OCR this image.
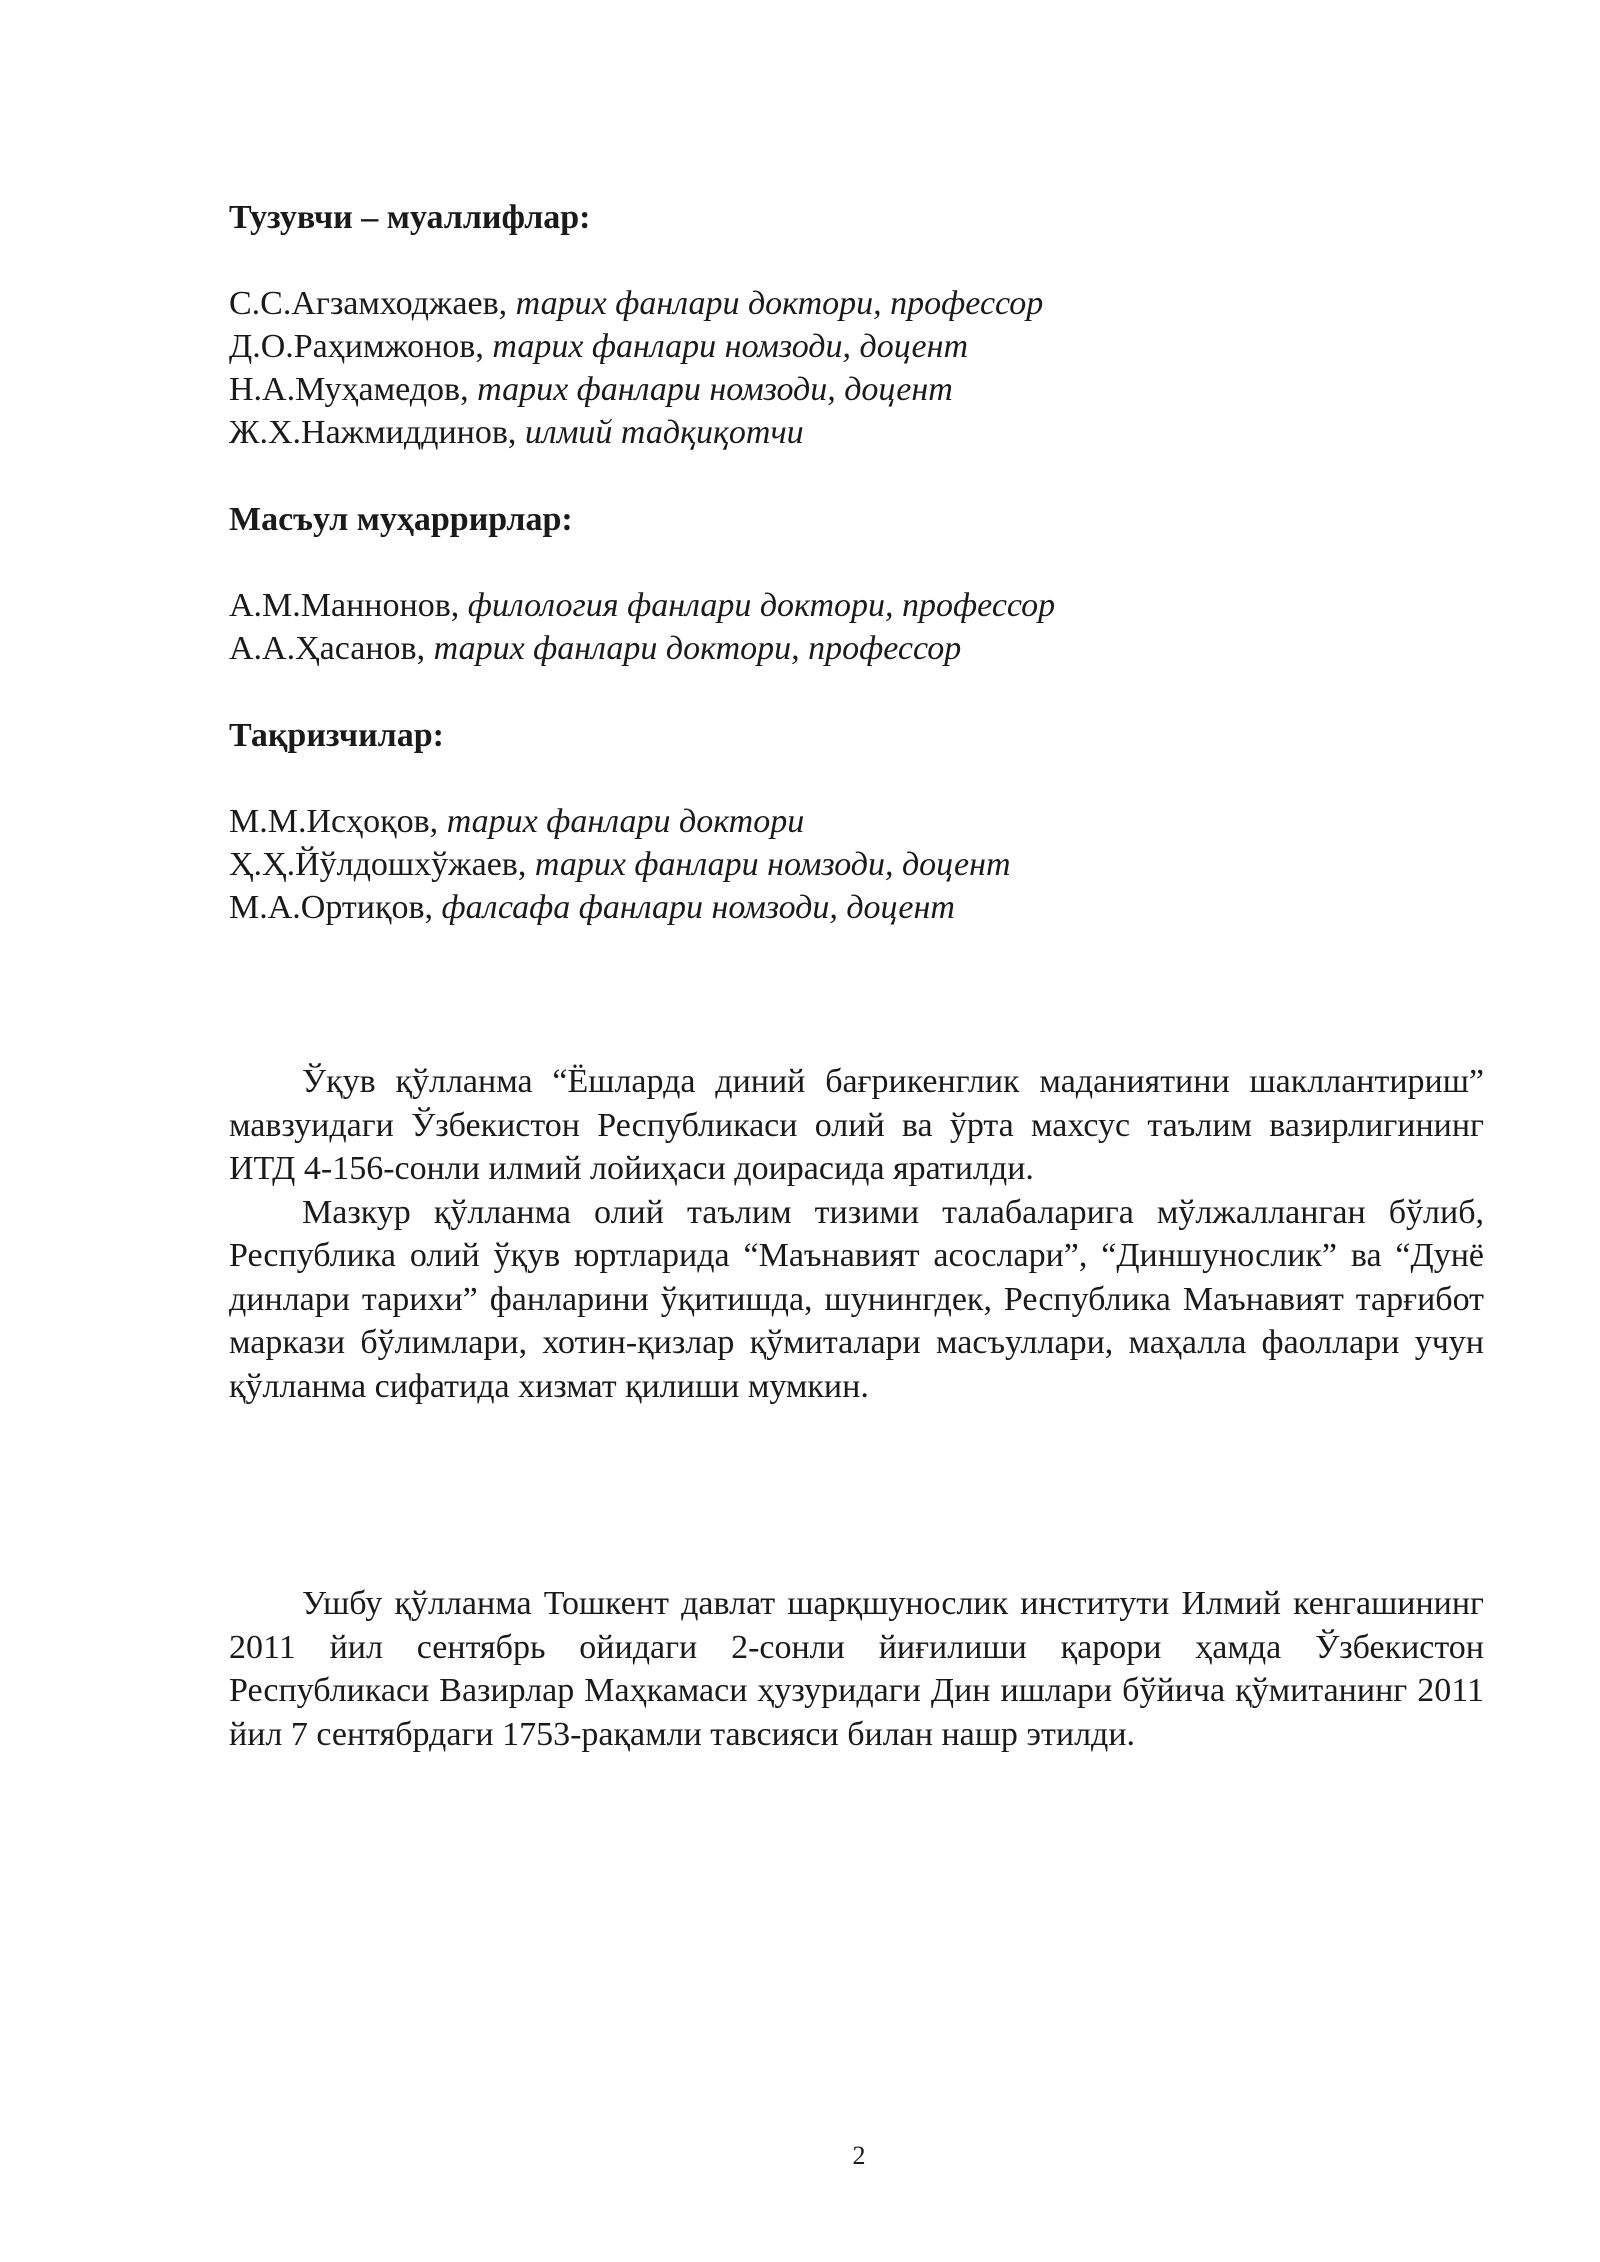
Тузувчи – муаллифлар:
С.С.Агзамходжаев, тарих фанлари доктори, профессор
Д.О.Раҳимжонов, тарих фанлари номзоди, доцент
Н.А.Муҳамедов, тарих фанлари номзоди, доцент
Ж.Х.Нажмиддинов, илмий тадқиқотчи
Масъул муҳаррирлар:
А.М.Маннонов, филология фанлари доктори, профессор
А.А.Ҳасанов, тарих фанлари доктори, профессор
Тақризчилар:
М.М.Исҳоқов, тарих фанлари доктори
Ҳ.Ҳ.Йўлдошхўжаев, тарих фанлари номзоди, доцент
М.А.Ортиқов, фалсафа фанлари номзоди, доцент

Ўқув қўлланма “Ёшларда диний бағрикенглик маданиятини шакллантириш” мавзуидаги Ўзбекистон Республикаси олий ва ўрта махсус таълим вазирлигининг ИТД 4-156-сонли илмий лойиҳаси доирасида яратилди.

Мазкур қўлланма олий таълим тизими талабаларига мўлжалланган бўлиб, Республика олий ўқув юртларида “Маънавият асослари”, “Диншунослик” ва “Дунё динлари тарихи” фанларини ўқитишда, шунингдек, Республика Маънавият тарғибот маркази бўлимлари, хотин-қизлар қўмиталари масъуллари, маҳалла фаоллари учун қўлланма сифатида хизмат қилиши мумкин.

Ушбу қўлланма Тошкент давлат шарқшунослик институти Илмий кенгашининг 2011 йил сентябрь ойидаги 2-сонли йиғилиши қарори ҳамда Ўзбекистон Республикаси Вазирлар Маҳкамаси ҳузуридаги Дин ишлари бўйича қўмитанинг 2011 йил 7 сентябрдаги 1753-рақамли тавсияси билан нашр этилди.

2
